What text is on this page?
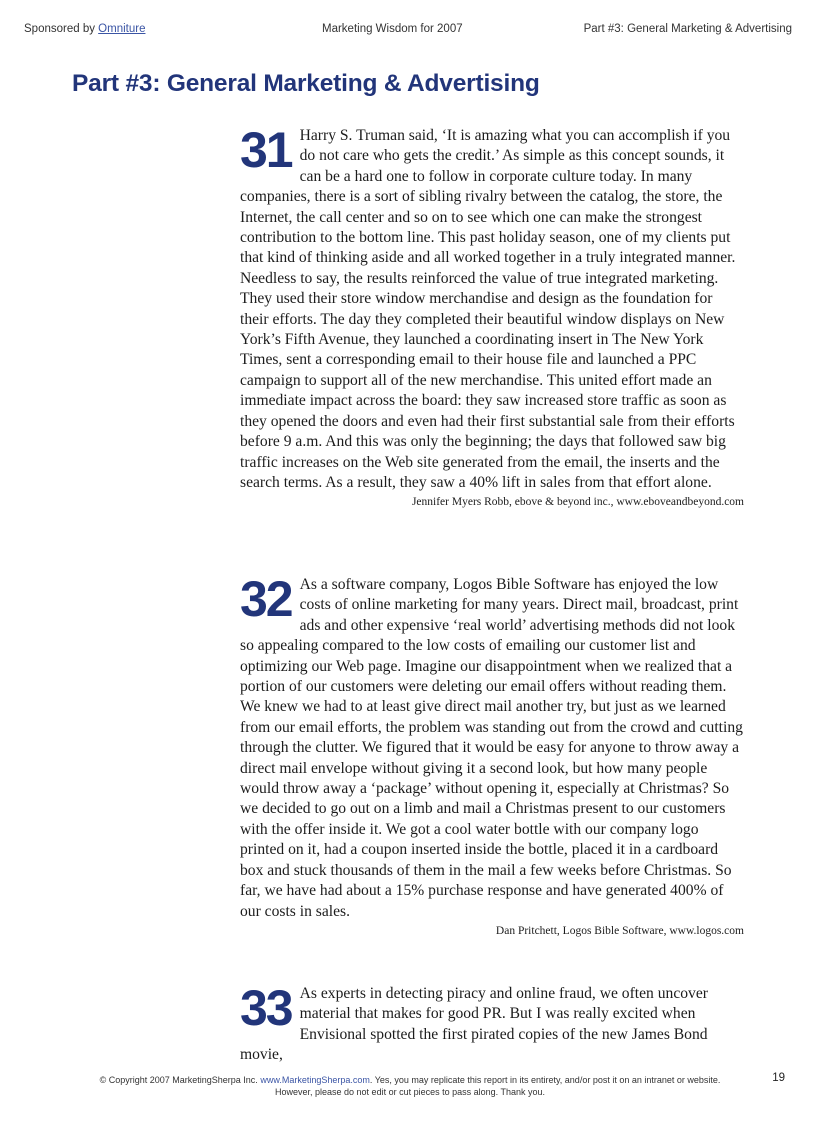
Sponsored by Omniture	Marketing Wisdom for 2007	Part #3: General Marketing & Advertising
Part #3: General Marketing & Advertising
31 Harry S. Truman said, ‘It is amazing what you can accomplish if you do not care who gets the credit.’ As simple as this concept sounds, it can be a hard one to follow in corporate culture today. In many companies, there is a sort of sibling rivalry between the catalog, the store, the Internet, the call center and so on to see which one can make the strongest contribution to the bottom line. This past holiday season, one of my clients put that kind of thinking aside and all worked together in a truly integrated manner. Needless to say, the results reinforced the value of true integrated marketing. They used their store window merchandise and design as the foundation for their efforts. The day they completed their beautiful window displays on New York’s Fifth Avenue, they launched a coordinating insert in The New York Times, sent a corresponding email to their house file and launched a PPC campaign to support all of the new merchandise. This united effort made an immediate impact across the board: they saw increased store traffic as soon as they opened the doors and even had their first substantial sale from their efforts before 9 a.m. And this was only the beginning; the days that followed saw big traffic increases on the Web site generated from the email, the inserts and the search terms. As a result, they saw a 40% lift in sales from that effort alone.

Jennifer Myers Robb, ebove & beyond inc., www.eboveandbeyond.com
32 As a software company, Logos Bible Software has enjoyed the low costs of online marketing for many years. Direct mail, broadcast, print ads and other expensive ‘real world’ advertising methods did not look so appealing compared to the low costs of emailing our customer list and optimizing our Web page. Imagine our disappointment when we realized that a portion of our customers were deleting our email offers without reading them. We knew we had to at least give direct mail another try, but just as we learned from our email efforts, the problem was standing out from the crowd and cutting through the clutter. We figured that it would be easy for anyone to throw away a direct mail envelope without giving it a second look, but how many people would throw away a ‘package’ without opening it, especially at Christmas? So we decided to go out on a limb and mail a Christmas present to our customers with the offer inside it. We got a cool water bottle with our company logo printed on it, had a coupon inserted inside the bottle, placed it in a cardboard box and stuck thousands of them in the mail a few weeks before Christmas. So far, we have had about a 15% purchase response and have generated 400% of our costs in sales.

Dan Pritchett, Logos Bible Software, www.logos.com
33 As experts in detecting piracy and online fraud, we often uncover material that makes for good PR. But I was really excited when Envisional spotted the first pirated copies of the new James Bond movie,

© Copyright 2007 MarketingSherpa Inc. www.MarketingSherpa.com. Yes, you may replicate this report in its entirety, and/or post it on an intranet or website.
However, please do not edit or cut pieces to pass along. Thank you.
19
